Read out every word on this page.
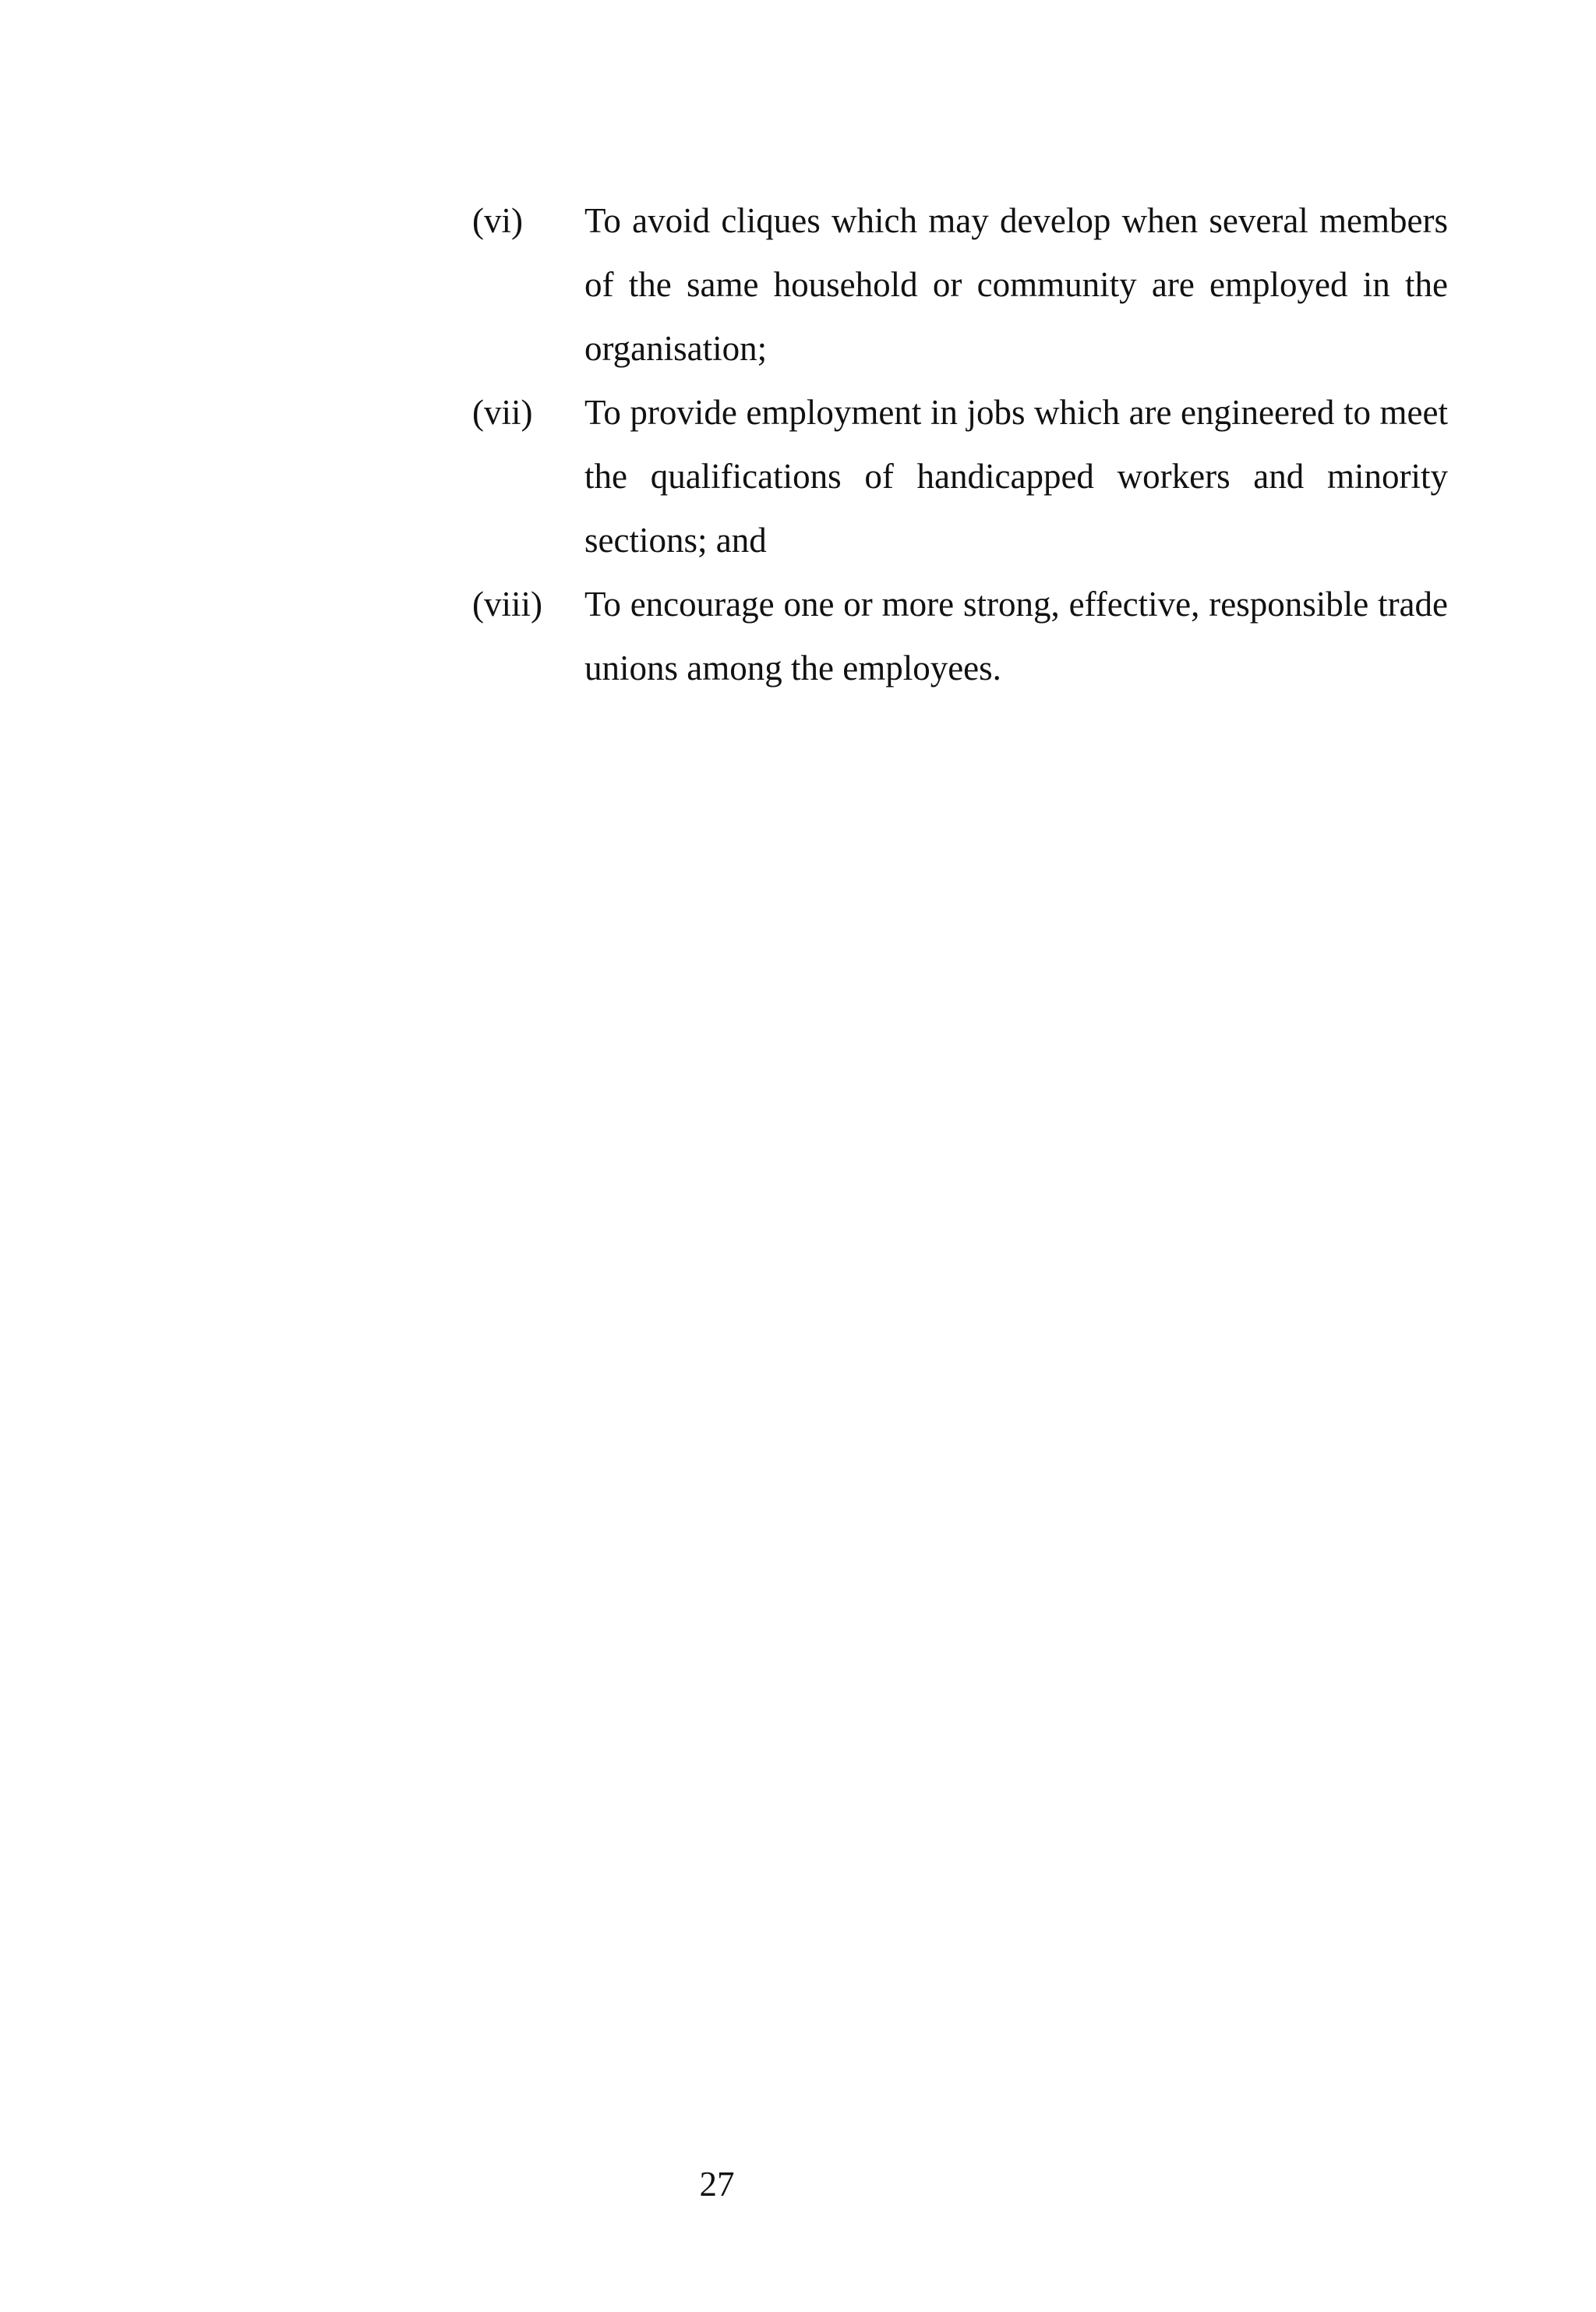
(vi)	To avoid cliques which may develop when several members of the same household or community are employed in the organisation;

(vii)	To provide employment in jobs which are engineered to meet the qualifications of handicapped workers and minority sections; and

(viii)	To encourage one or more strong, effective, responsible trade unions among the employees.

27
